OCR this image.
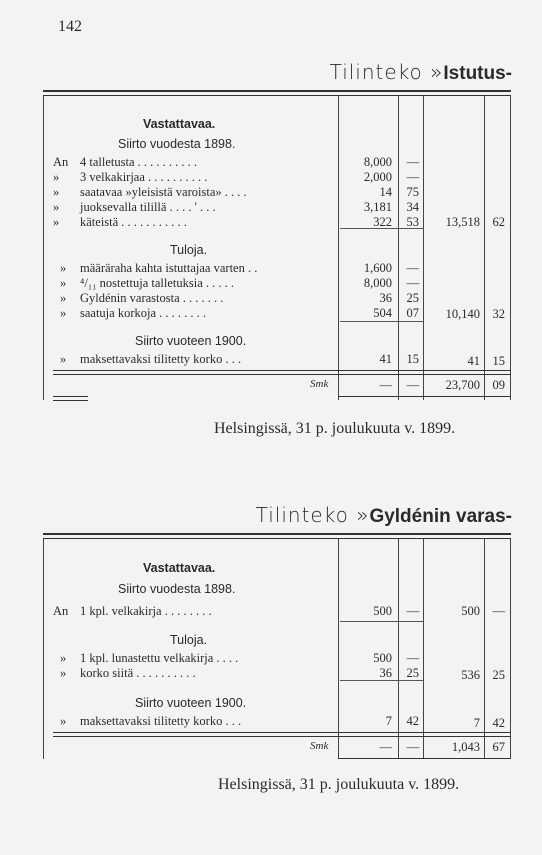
142
Tilinteko »Istutus-
Vastattavaa.
Siirto vuodesta 1898.
An 4 talletusta . . . . . . . . . .	8,000	—
» 3 velkakirjaa . . . . . . . . . .	2,000	—
» saatavaa »yleisistä varoista» . . . .	14	75
» juoksevalla tilillä . . . . ' . . .	3,181	34
» käteistä . . . . . . . . . . .	322	53	13,518	62
Tuloja.
» määräraha kahta istuttajaa varten . .	1,600	—
» ⁴/₁₁ nostettuja talletuksia . . . . .	8,000	—
» Gyldénin varastosta . . . . . . .	36	25
» saatuja korkoja . . . . . . . .	504	07	10,140	32
Siirto vuoteen 1900.
» maksettavaksi tilitetty korko . . .	41	15	41	15
Smk	—	—	23,700	09
Helsingissä, 31 p. joulukuuta v. 1899.
Tilinteko »Gyldénin varas-
Vastattavaa.
Siirto vuodesta 1898.
An 1 kpl. velkakirja . . . . . . . .	500	—	500	—
Tuloja.
» 1 kpl. lunastettu velkakirja . . . .	500	—
» korko siitä . . . . . . . . . .	36	25	536	25
Siirto vuoteen 1900.
» maksettavaksi tilitetty korko . . .	7	42	7	42
Smk	—	—	1,043	67
Helsingissä, 31 p. joulukuuta v. 1899.
